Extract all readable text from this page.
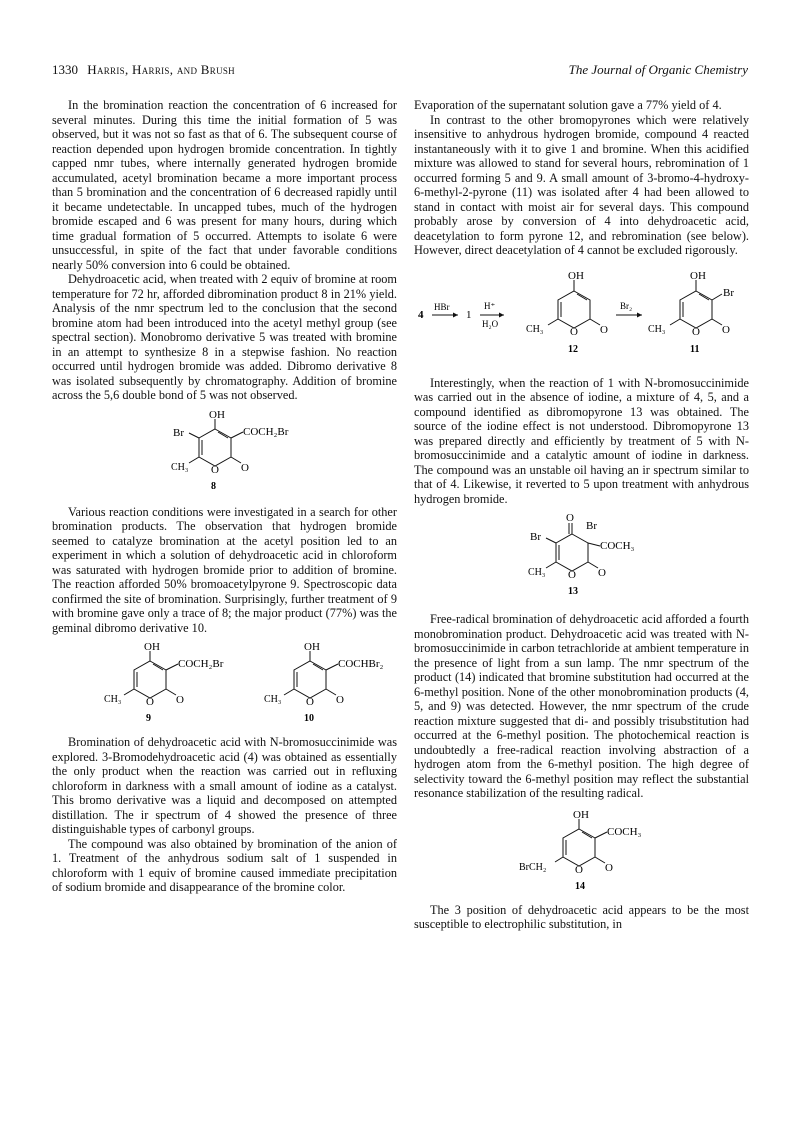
1330 Harris, Harris, and Brush	The Journal of Organic Chemistry

In the bromination reaction the concentration of 6 increased for several minutes. During this time the initial formation of 5 was observed, but it was not so fast as that of 6. The subsequent course of reaction depended upon hydrogen bromide concentration. In tightly capped nmr tubes, where internally generated hydrogen bromide accumulated, acetyl bromination became a more important process than 5 bromination and the concentration of 6 decreased rapidly until it became undetectable. In uncapped tubes, much of the hydrogen bromide escaped and 6 was present for many hours, during which time gradual formation of 5 occurred. Attempts to isolate 6 were unsuccessful, in spite of the fact that under favorable conditions nearly 50% conversion into 6 could be obtained.

Dehydroacetic acid, when treated with 2 equiv of bromine at room temperature for 72 hr, afforded dibromination product 8 in 21% yield. Analysis of the nmr spectrum led to the conclusion that the second bromine atom had been introduced into the acetyl methyl group (see spectral section). Monobromo derivative 5 was treated with bromine in an attempt to synthesize 8 in a stepwise fashion. No reaction occurred until hydrogen bromide was added. Dibromo derivative 8 was isolated subsequently by chromatography. Addition of bromine across the 5,6 double bond of 5 was not observed.

OH
Br	COCH₂Br
CH₃ O O
8

Various reaction conditions were investigated in a search for other bromination products. The observation that hydrogen bromide seemed to catalyze bromination at the acetyl position led to an experiment in which a solution of dehydroacetic acid in chloroform was saturated with hydrogen bromide prior to addition of bromine. The reaction afforded 50% bromoacetylpyrone 9. Spectroscopic data confirmed the site of bromination. Surprisingly, further treatment of 9 with bromine gave only a trace of 8; the major product (77%) was the geminal dibromo derivative 10.

OH
COCH₂Br
CH₃ O O
9
OH
COCHBr₂
CH₃ O O
10

Bromination of dehydroacetic acid with N-bromosuccinimide was explored. 3-Bromodehydroacetic acid (4) was obtained as essentially the only product when the reaction was carried out in refluxing chloroform in darkness with a small amount of iodine as a catalyst. This bromo derivative was a liquid and decomposed on attempted distillation. The ir spectrum of 4 showed the presence of three distinguishable types of carbonyl groups.

The compound was also obtained by bromination of the anion of 1. Treatment of the anhydrous sodium salt of 1 suspended in chloroform with 1 equiv of bromine caused immediate precipitation of sodium bromide and disappearance of the bromine color.

Evaporation of the supernatant solution gave a 77% yield of 4.

In contrast to the other bromopyrones which were relatively insensitive to anhydrous hydrogen bromide, compound 4 reacted instantaneously with it to give 1 and bromine. When this acidified mixture was allowed to stand for several hours, rebromination of 1 occurred forming 5 and 9. A small amount of 3-bromo-4-hydroxy-6-methyl-2-pyrone (11) was isolated after 4 had been allowed to stand in contact with moist air for several days. This compound probably arose by conversion of 4 into dehydroacetic acid, deacetylation to form pyrone 12, and rebromination (see below). However, direct deacetylation of 4 cannot be excluded rigorously.

4
HBr
1
H⁺
H₂O
OH
CH₃ O O
12
Br₂
OH
Br
CH₃ O O
11

Interestingly, when the reaction of 1 with N-bromosuccinimide was carried out in the absence of iodine, a mixture of 4, 5, and a compound identified as dibromopyrone 13 was obtained. The source of the iodine effect is not understood. Dibromopyrone 13 was prepared directly and efficiently by treatment of 5 with N-bromosuccinimide and a catalytic amount of iodine in darkness. The compound was an unstable oil having an ir spectrum similar to that of 4. Likewise, it reverted to 5 upon treatment with anhydrous hydrogen bromide.

O
Br
Br
COCH₃
CH₃ O O
13

Free-radical bromination of dehydroacetic acid afforded a fourth monobromination product. Dehydroacetic acid was treated with N-bromosuccinimide in carbon tetrachloride at ambient temperature in the presence of light from a sun lamp. The nmr spectrum of the product (14) indicated that bromine substitution had occurred at the 6-methyl position. None of the other monobromination products (4, 5, and 9) was detected. However, the nmr spectrum of the crude reaction mixture suggested that di- and possibly trisubstitution had occurred at the 6-methyl position. The photochemical reaction is undoubtedly a free-radical reaction involving abstraction of a hydrogen atom from the 6-methyl position. The high degree of selectivity toward the 6-methyl position may reflect the substantial resonance stabilization of the resulting radical.

OH
COCH₃
BrCH₂	O O
14

The 3 position of dehydroacetic acid appears to be the most susceptible to electrophilic substitution, in
